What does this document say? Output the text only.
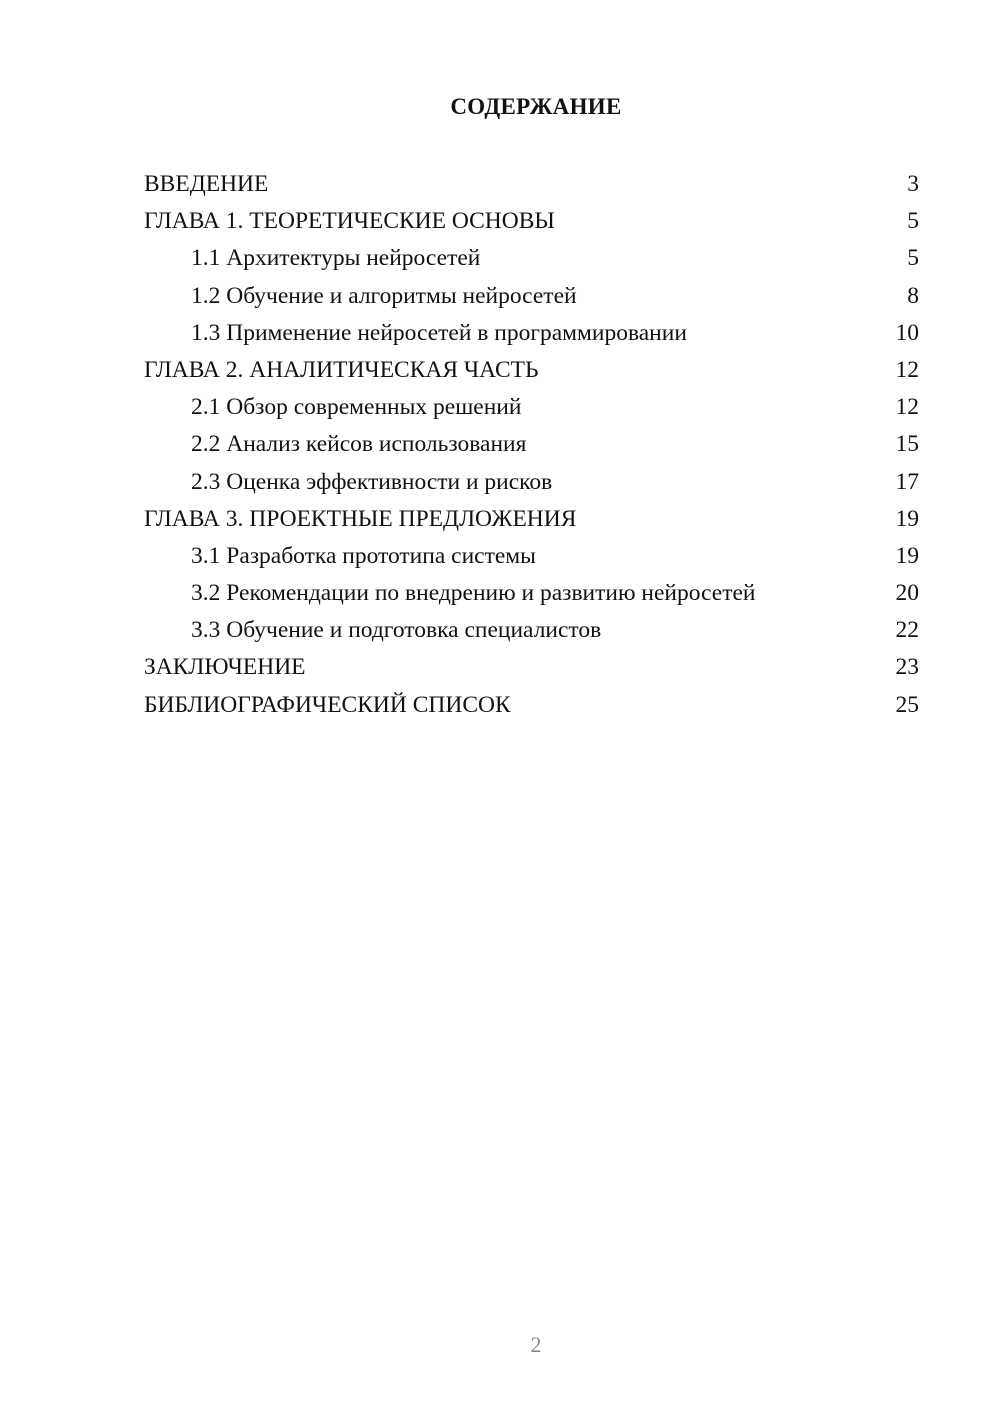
СОДЕРЖАНИЕ
ВВЕДЕНИЕ	3
ГЛАВА 1. ТЕОРЕТИЧЕСКИЕ ОСНОВЫ	5
1.1 Архитектуры нейросетей	5
1.2 Обучение и алгоритмы нейросетей	8
1.3 Применение нейросетей в программировании	10
ГЛАВА 2. АНАЛИТИЧЕСКАЯ ЧАСТЬ	12
2.1 Обзор современных решений	12
2.2 Анализ кейсов использования	15
2.3 Оценка эффективности и рисков	17
ГЛАВА 3. ПРОЕКТНЫЕ ПРЕДЛОЖЕНИЯ	19
3.1 Разработка прототипа системы	19
3.2 Рекомендации по внедрению и развитию нейросетей	20
3.3 Обучение и подготовка специалистов	22
ЗАКЛЮЧЕНИЕ	23
БИБЛИОГРАФИЧЕСКИЙ СПИСОК	25
2
